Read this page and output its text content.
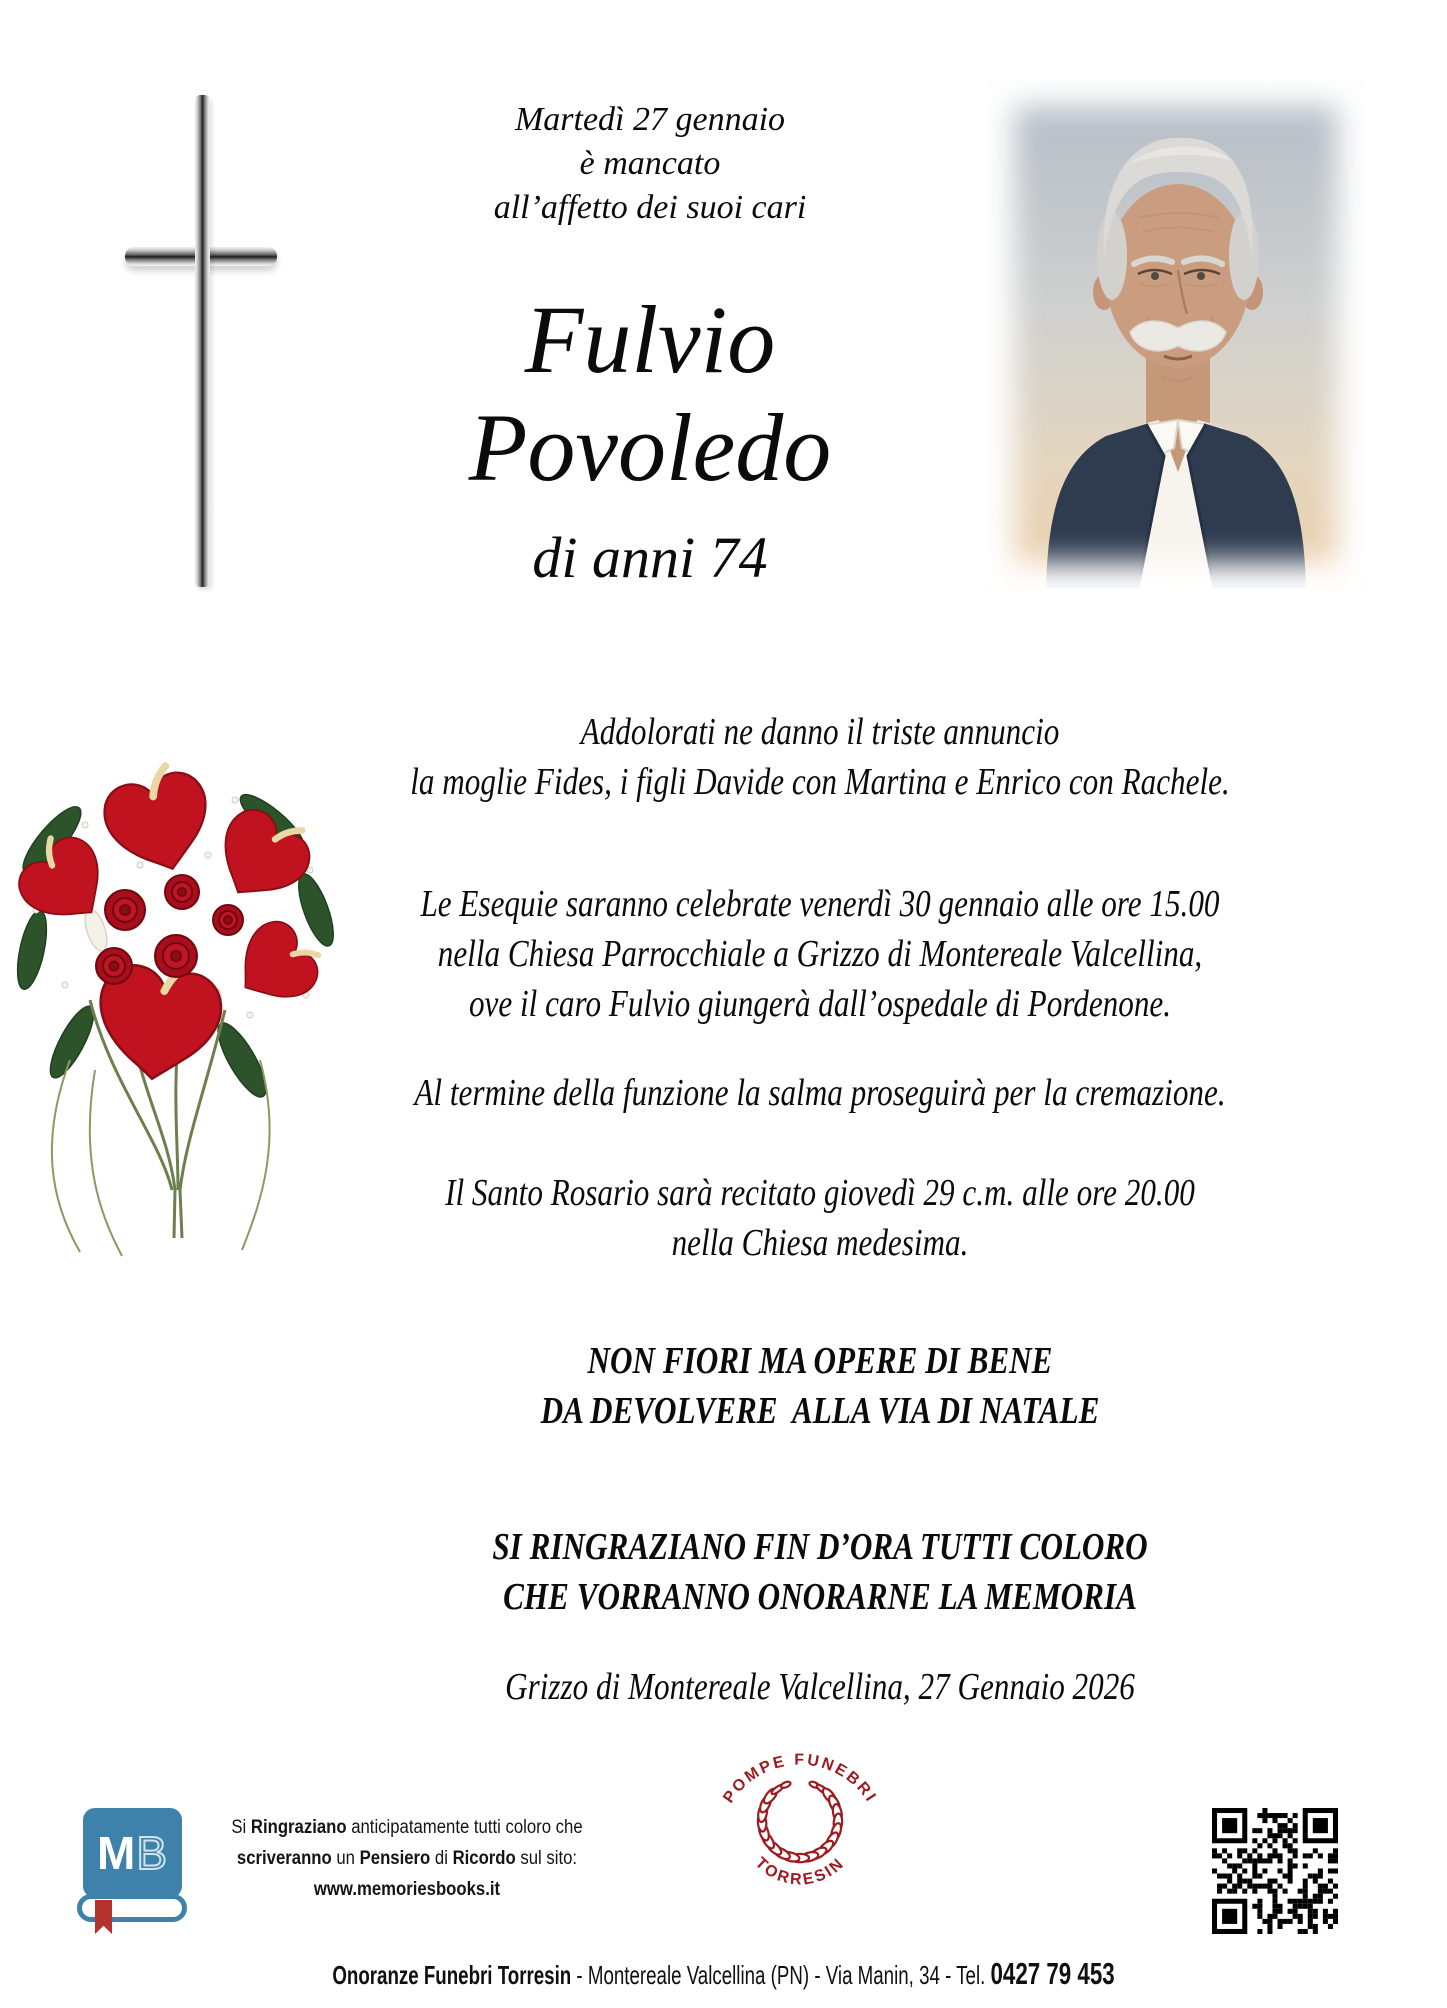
Martedì 27 gennaio
è mancato
all’affetto dei suoi cari
Fulvio
Povoledo
di anni 74
Addolorati ne danno il triste annuncio
la moglie Fides, i figli Davide con Martina e Enrico con Rachele.
Le Esequie saranno celebrate venerdì 30 gennaio alle ore 15.00
nella Chiesa Parrocchiale a Grizzo di Montereale Valcellina,
ove il caro Fulvio giungerà dall’ospedale di Pordenone.
Al termine della funzione la salma proseguirà per la cremazione.
Il Santo Rosario sarà recitato giovedì 29 c.m. alle ore 20.00
nella Chiesa medesima.
NON FIORI MA OPERE DI BENE
DA DEVOLVERE  ALLA VIA DI NATALE
SI RINGRAZIANO FIN D’ORA TUTTI COLORO
CHE VORRANNO ONORARNE LA MEMORIA
Grizzo di Montereale Valcellina, 27 Gennaio 2026
M B	Si Ringraziano anticipatamente tutti coloro che
scriveranno un Pensiero di Ricordo sul sito:
www.memoriesbooks.it
POMPE FUNEBRI
TORRESIN
Onoranze Funebri Torresin - Montereale Valcellina (PN) - Via Manin, 34 - Tel. 0427 79 453
